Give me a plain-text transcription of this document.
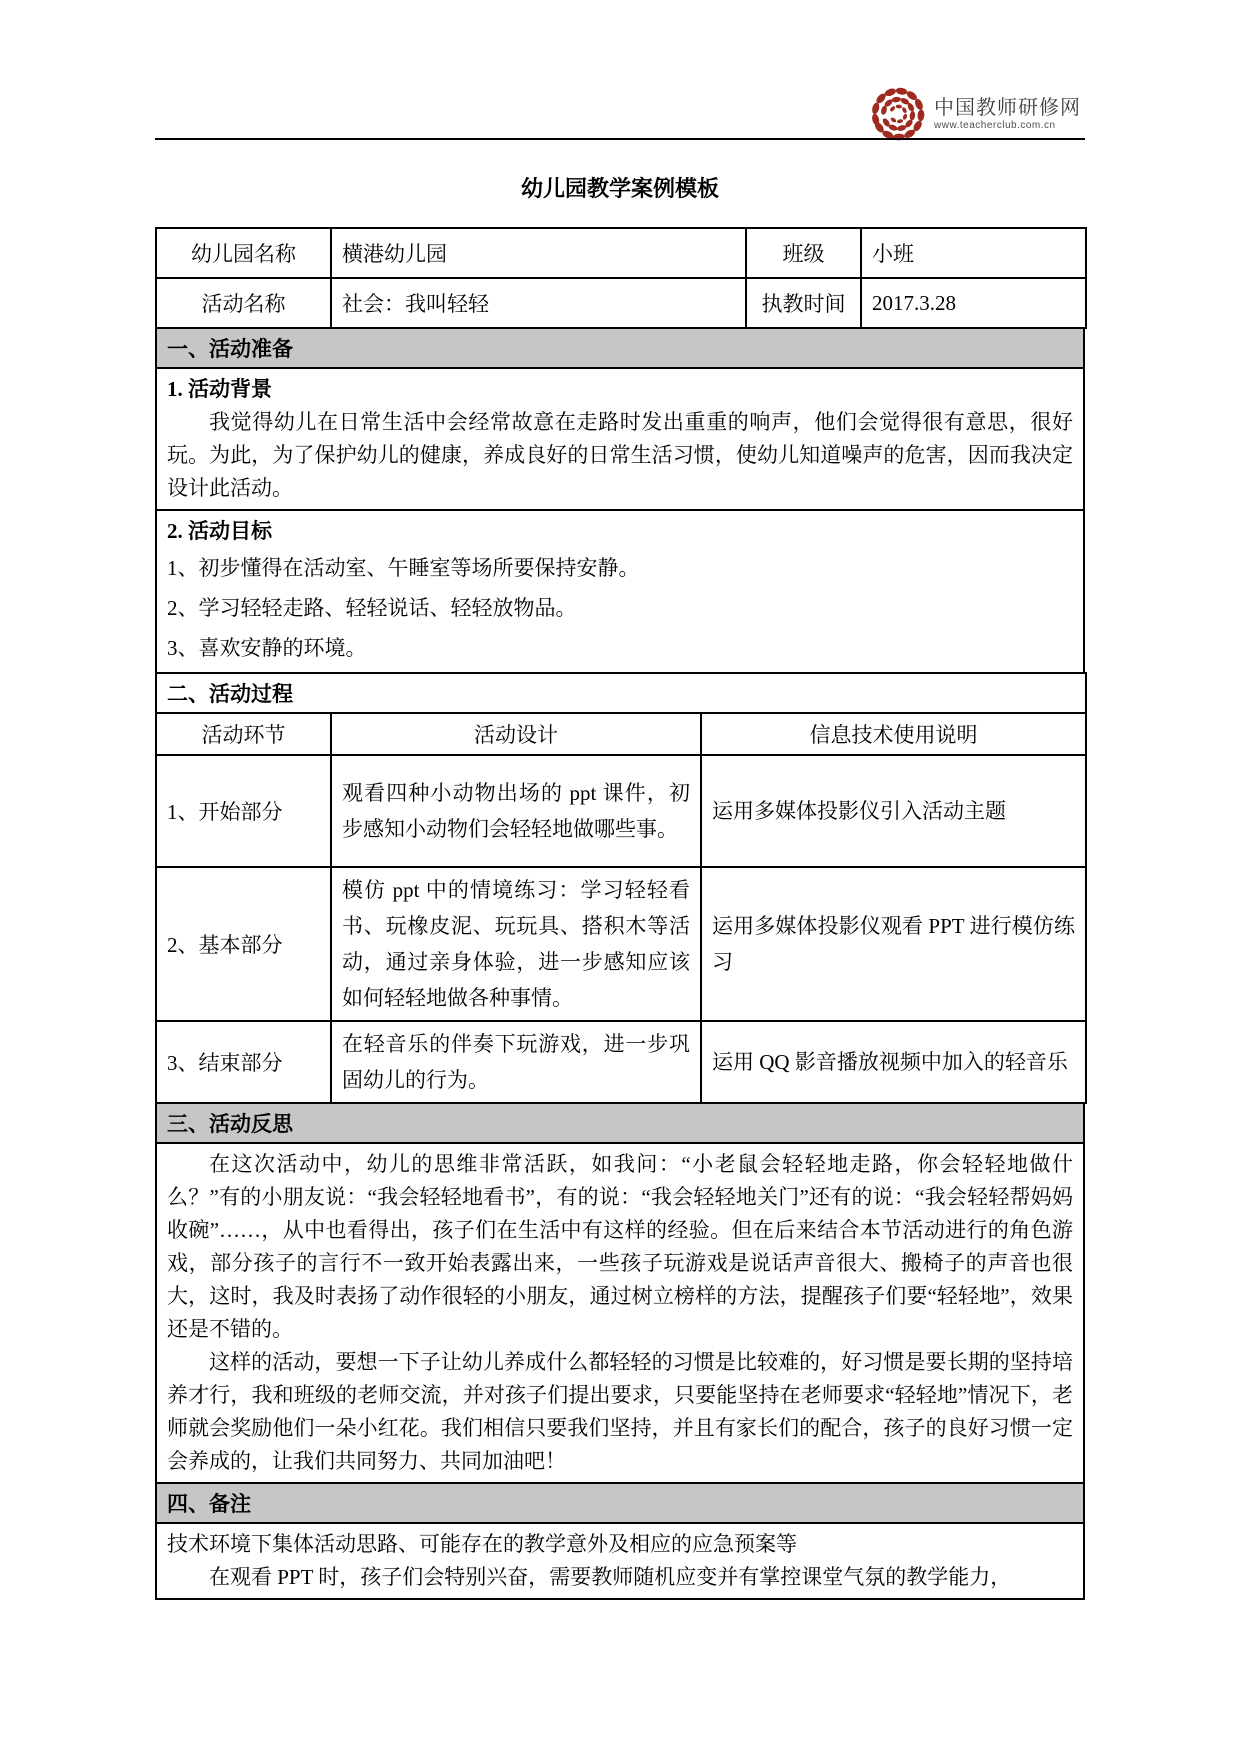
中国教师研修网
www.teacherclub.com.cn
幼儿园教学案例模板
幼儿园名称	横港幼儿园	班级	小班
活动名称	社会：我叫轻轻	执教时间	2017.3.28
一、活动准备

1. 活动背景

我觉得幼儿在日常生活中会经常故意在走路时发出重重的响声，他们会觉得很有意思，很好玩。为此，为了保护幼儿的健康，养成良好的日常生活习惯，使幼儿知道噪声的危害，因而我决定设计此活动。

2. 活动目标

1、初步懂得在活动室、午睡室等场所要保持安静。

2、学习轻轻走路、轻轻说话、轻轻放物品。

3、喜欢安静的环境。

二、活动过程		
活动环节	活动设计	信息技术使用说明
1、开始部分	观看四种小动物出场的 ppt 课件，初步感知小动物们会轻轻地做哪些事。	运用多媒体投影仪引入活动主题
2、基本部分	模仿 ppt 中的情境练习：学习轻轻看书、玩橡皮泥、玩玩具、搭积木等活动，通过亲身体验，进一步感知应该如何轻轻地做各种事情。	运用多媒体投影仪观看 PPT 进行模仿练习
3、结束部分	在轻音乐的伴奏下玩游戏，进一步巩固幼儿的行为。	运用 QQ 影音播放视频中加入的轻音乐
三、活动反思

在这次活动中，幼儿的思维非常活跃，如我问：“小老鼠会轻轻地走路，你会轻轻地做什么？”有的小朋友说：“我会轻轻地看书”，有的说：“我会轻轻地关门”还有的说：“我会轻轻帮妈妈收碗”……，从中也看得出，孩子们在生活中有这样的经验。但在后来结合本节活动进行的角色游戏，部分孩子的言行不一致开始表露出来，一些孩子玩游戏是说话声音很大、搬椅子的声音也很大，这时，我及时表扬了动作很轻的小朋友，通过树立榜样的方法，提醒孩子们要“轻轻地”，效果还是不错的。

这样的活动，要想一下子让幼儿养成什么都轻轻的习惯是比较难的，好习惯是要长期的坚持培养才行，我和班级的老师交流，并对孩子们提出要求，只要能坚持在老师要求“轻轻地”情况下，老师就会奖励他们一朵小红花。我们相信只要我们坚持，并且有家长们的配合，孩子的良好习惯一定会养成的，让我们共同努力、共同加油吧！

四、备注

技术环境下集体活动思路、可能存在的教学意外及相应的应急预案等

在观看 PPT 时，孩子们会特别兴奋，需要教师随机应变并有掌控课堂气氛的教学能力，
